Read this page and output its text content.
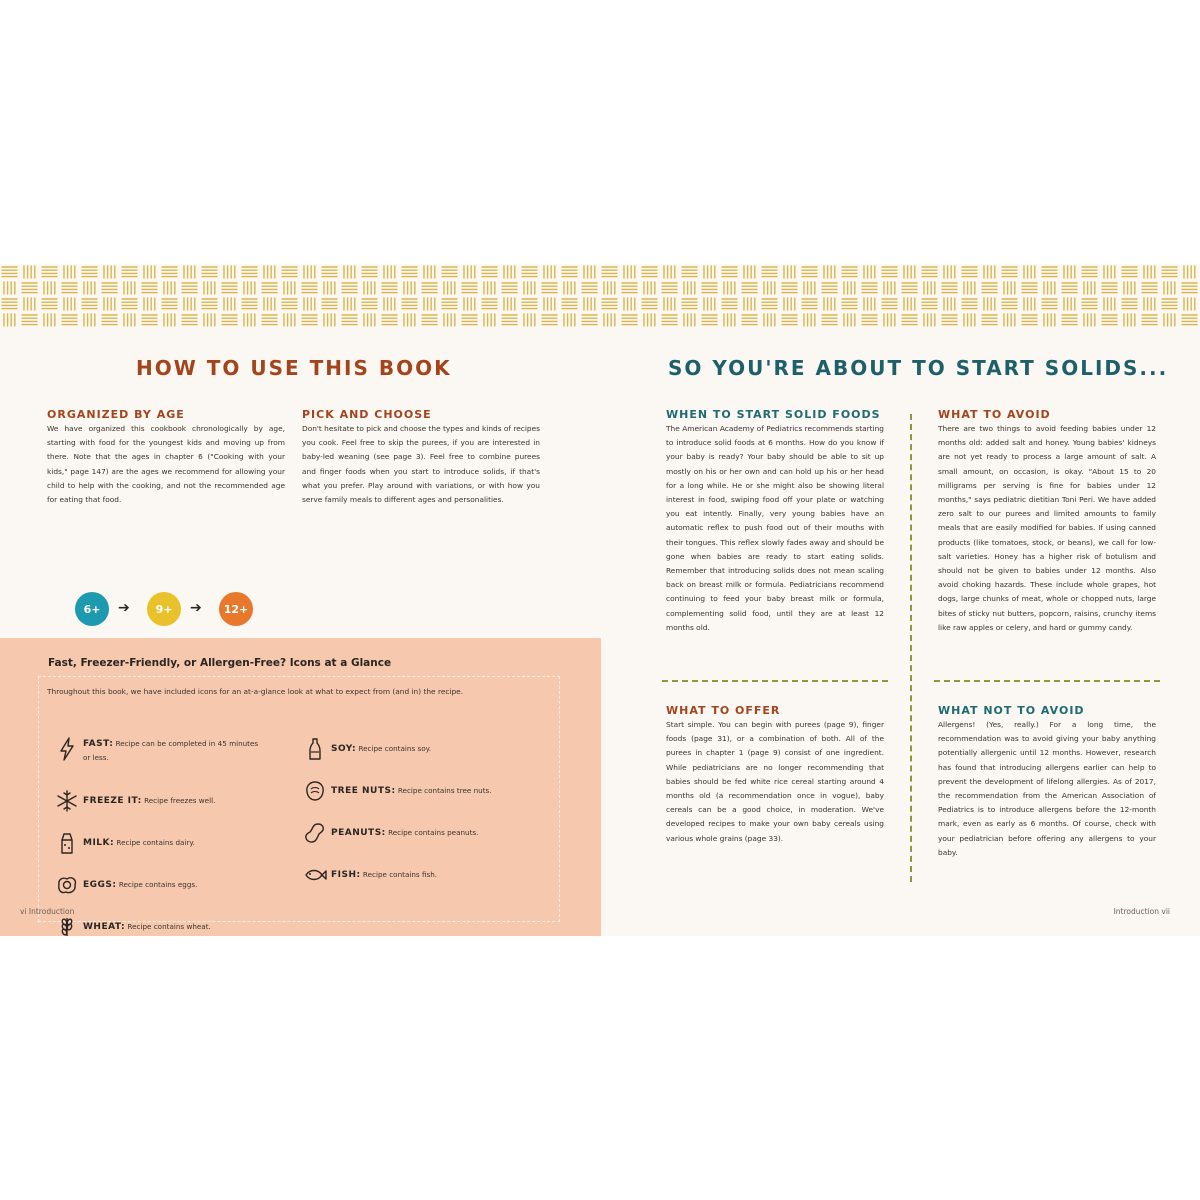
HOW TO USE THIS BOOK
ORGANIZED BY AGE
We have organized this cookbook chronologically by age, starting with food for the youngest kids and moving up from there. Note that the ages in chapter 6 ("Cooking with your kids," page 147) are the ages we recommend for allowing your child to help with the cooking, and not the recommended age for eating that food.
PICK AND CHOOSE
Don't hesitate to pick and choose the types and kinds of recipes you cook. Feel free to skip the purees, if you are interested in baby-led weaning (see page 3). Feel free to combine purees and finger foods when you start to introduce solids, if that's what you prefer. Play around with variations, or with how you serve family meals to different ages and personalities.
6+	➔	9+	➔	12+
Fast, Freezer-Friendly, or Allergen-Free? Icons at a Glance
Throughout this book, we have included icons for an at-a-glance look at what to expect from (and in) the recipe.
FAST: Recipe can be completed in 45 minutes or less.
FREEZE IT: Recipe freezes well.
MILK: Recipe contains dairy.
EGGS: Recipe contains eggs.
WHEAT: Recipe contains wheat.
SOY: Recipe contains soy.
TREE NUTS: Recipe contains tree nuts.
PEANUTS: Recipe contains peanuts.
FISH: Recipe contains fish.
vi Introduction
SO YOU'RE ABOUT TO START SOLIDS...
WHEN TO START SOLID FOODS
The American Academy of Pediatrics recommends starting to introduce solid foods at 6 months. How do you know if your baby is ready? Your baby should be able to sit up mostly on his or her own and can hold up his or her head for a long while. He or she might also be showing literal interest in food, swiping food off your plate or watching you eat intently. Finally, very young babies have an automatic reflex to push food out of their mouths with their tongues. This reflex slowly fades away and should be gone when babies are ready to start eating solids. Remember that introducing solids does not mean scaling back on breast milk or formula. Pediatricians recommend continuing to feed your baby breast milk or formula, complementing solid food, until they are at least 12 months old.
WHAT TO AVOID
There are two things to avoid feeding babies under 12 months old: added salt and honey. Young babies' kidneys are not yet ready to process a large amount of salt. A small amount, on occasion, is okay. "About 15 to 20 milligrams per serving is fine for babies under 12 months," says pediatric dietitian Toni Peri. We have added zero salt to our purees and limited amounts to family meals that are easily modified for babies. If using canned products (like tomatoes, stock, or beans), we call for low-salt varieties. Honey has a higher risk of botulism and should not be given to babies under 12 months. Also avoid choking hazards. These include whole grapes, hot dogs, large chunks of meat, whole or chopped nuts, large bites of sticky nut butters, popcorn, raisins, crunchy items like raw apples or celery, and hard or gummy candy.
WHAT TO OFFER
Start simple. You can begin with purees (page 9), finger foods (page 31), or a combination of both. All of the purees in chapter 1 (page 9) consist of one ingredient. While pediatricians are no longer recommending that babies should be fed white rice cereal starting around 4 months old (a recommendation once in vogue), baby cereals can be a good choice, in moderation. We've developed recipes to make your own baby cereals using various whole grains (page 33).
WHAT NOT TO AVOID
Allergens! (Yes, really.) For a long time, the recommendation was to avoid giving your baby anything potentially allergenic until 12 months. However, research has found that introducing allergens earlier can help to prevent the development of lifelong allergies. As of 2017, the recommendation from the American Association of Pediatrics is to introduce allergens before the 12-month mark, even as early as 6 months. Of course, check with your pediatrician before offering any allergens to your baby.
Introduction vii
